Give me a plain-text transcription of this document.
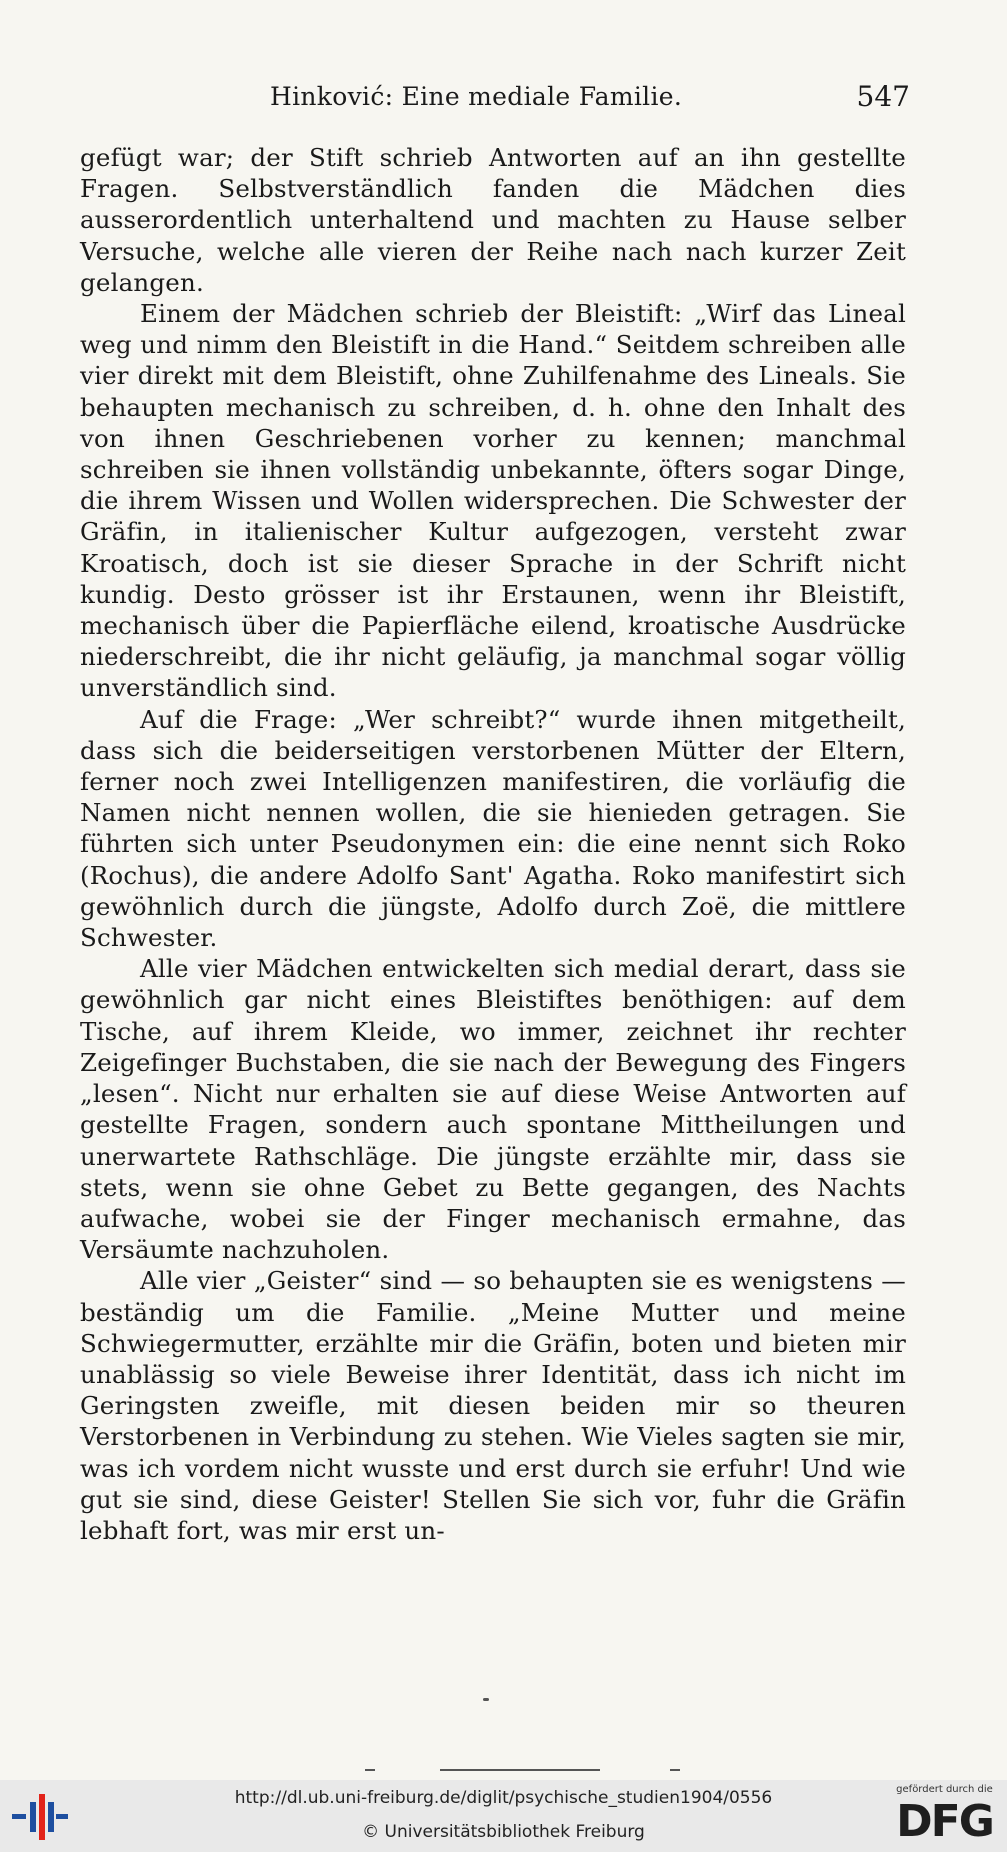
Hinković: Eine mediale Familie.	547

gefügt war; der Stift schrieb Antworten auf an ihn gestellte Fragen. Selbstverständlich fanden die Mädchen dies ausserordentlich unterhaltend und machten zu Hause selber Versuche, welche alle vieren der Reihe nach nach kurzer Zeit gelangen.

Einem der Mädchen schrieb der Bleistift: „Wirf das Lineal weg und nimm den Bleistift in die Hand.“ Seitdem schreiben alle vier direkt mit dem Bleistift, ohne Zuhilfenahme des Lineals. Sie behaupten mechanisch zu schreiben, d. h. ohne den Inhalt des von ihnen Geschriebenen vorher zu kennen; manchmal schreiben sie ihnen vollständig unbekannte, öfters sogar Dinge, die ihrem Wissen und Wollen widersprechen. Die Schwester der Gräfin, in italienischer Kultur aufgezogen, versteht zwar Kroatisch, doch ist sie dieser Sprache in der Schrift nicht kundig. Desto grösser ist ihr Erstaunen, wenn ihr Bleistift, mechanisch über die Papierfläche eilend, kroatische Ausdrücke niederschreibt, die ihr nicht geläufig, ja manchmal sogar völlig unverständlich sind.

Auf die Frage: „Wer schreibt?“ wurde ihnen mitgetheilt, dass sich die beiderseitigen verstorbenen Mütter der Eltern, ferner noch zwei Intelligenzen manifestiren, die vorläufig die Namen nicht nennen wollen, die sie hienieden getragen. Sie führten sich unter Pseudonymen ein: die eine nennt sich Roko (Rochus), die andere Adolfo Sant' Agatha. Roko manifestirt sich gewöhnlich durch die jüngste, Adolfo durch Zoë, die mittlere Schwester.

Alle vier Mädchen entwickelten sich medial derart, dass sie gewöhnlich gar nicht eines Bleistiftes benöthigen: auf dem Tische, auf ihrem Kleide, wo immer, zeichnet ihr rechter Zeigefinger Buchstaben, die sie nach der Bewegung des Fingers „lesen“. Nicht nur erhalten sie auf diese Weise Antworten auf gestellte Fragen, sondern auch spontane Mittheilungen und unerwartete Rathschläge. Die jüngste erzählte mir, dass sie stets, wenn sie ohne Gebet zu Bette gegangen, des Nachts aufwache, wobei sie der Finger mechanisch ermahne, das Versäumte nachzuholen.

Alle vier „Geister“ sind — so behaupten sie es wenigstens — beständig um die Familie. „Meine Mutter und meine Schwiegermutter, erzählte mir die Gräfin, boten und bieten mir unablässig so viele Beweise ihrer Identität, dass ich nicht im Geringsten zweifle, mit diesen beiden mir so theuren Verstorbenen in Verbindung zu stehen. Wie Vieles sagten sie mir, was ich vordem nicht wusste und erst durch sie erfuhr! Und wie gut sie sind, diese Geister! Stellen Sie sich vor, fuhr die Gräfin lebhaft fort, was mir erst un-

http://dl.ub.uni-freiburg.de/diglit/psychische_studien1904/0556
© Universitätsbibliothek Freiburg
gefördert durch die
DFG
